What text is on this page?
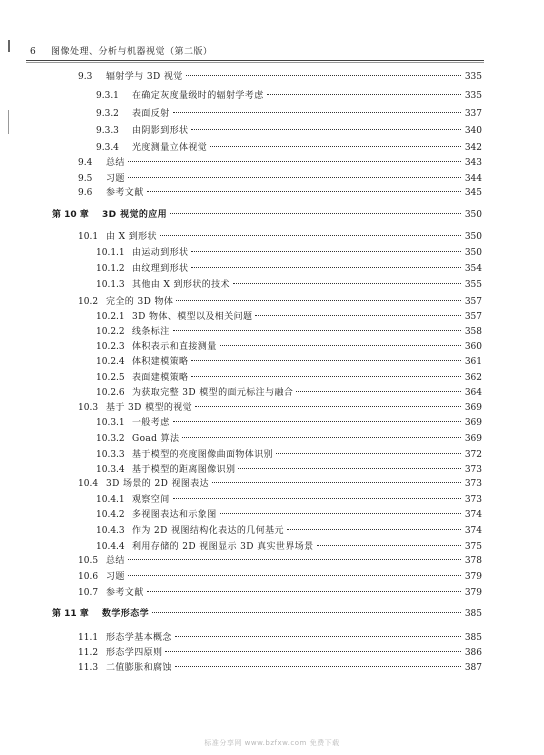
6 图像处理、分析与机器视觉（第二版）
9.3	辐射学与 3D 视觉	335
9.3.1	在确定灰度量级时的辐射学考虑	335
9.3.2	表面反射	337
9.3.3	由阴影到形状	340
9.3.4	光度测量立体视觉	342
9.4	总结	343
9.5	习题	344
9.6	参考文献	345
第 10 章	3D 视觉的应用	350
10.1 由 X 到形状	350
10.1.1 由运动到形状	350
10.1.2 由纹理到形状	354
10.1.3 其他由 X 到形状的技术	355
10.2 完全的 3D 物体	357
10.2.1 3D 物体、模型以及相关问题	357
10.2.2 线条标注	358
10.2.3 体积表示和直接测量	360
10.2.4 体积建模策略	361
10.2.5 表面建模策略	362
10.2.6 为获取完整 3D 模型的面元标注与融合	364
10.3 基于 3D 模型的视觉	369
10.3.1 一般考虑	369
10.3.2 Goad 算法	369
10.3.3 基于模型的亮度图像曲面物体识别	372
10.3.4 基于模型的距离图像识别	373
10.4 3D 场景的 2D 视图表达	373
10.4.1 观察空间	373
10.4.2 多视图表达和示象图	374
10.4.3 作为 2D 视图结构化表达的几何基元	374
10.4.4 利用存储的 2D 视图显示 3D 真实世界场景	375
10.5 总结	378
10.6 习题	379
10.7 参考文献	379
第 11 章	数学形态学	385
11.1 形态学基本概念	385
11.2 形态学四原则	386
11.3 二值膨胀和腐蚀	387
标准分享网 www.bzfxw.com 免费下载
